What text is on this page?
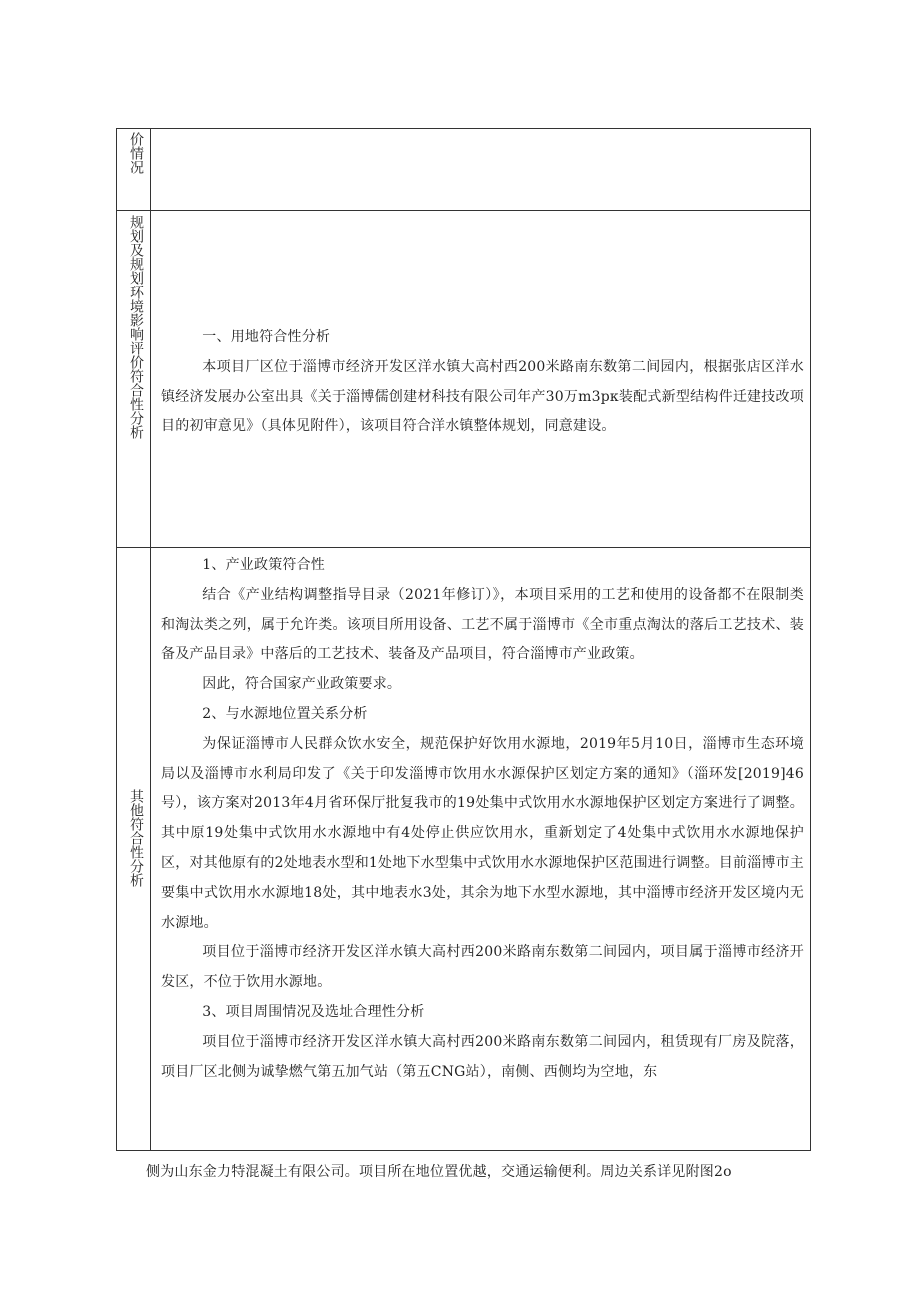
价情况
规划及规划环境影响评价符合性分析	一、用地符合性分析

本项目厂区位于淄博市经济开发区洋水镇大高村西200米路南东数第二间园内，根据张店区洋水镇经济发展办公室出具《关于淄博儒创建材科技有限公司年产30万m3pκ装配式新型结构件迁建技改项目的初审意见》（具体见附件），该项目符合洋水镇整体规划，同意建设。

其他符合性分析

1、产业政策符合性

结合《产业结构调整指导目录（2021年修订）》，本项目采用的工艺和使用的设备都不在限制类和淘汰类之列，属于允许类。该项目所用设备、工艺不属于淄博市《全市重点淘汰的落后工艺技术、装备及产品目录》中落后的工艺技术、装备及产品项目，符合淄博市产业政策。

因此，符合国家产业政策要求。

2、与水源地位置关系分析

为保证淄博市人民群众饮水安全，规范保护好饮用水源地，2019年5月10日，淄博市生态环境局以及淄博市水利局印发了《关于印发淄博市饮用水水源保护区划定方案的通知》（淄环发[2019]46号），该方案对2013年4月省环保厅批复我市的19处集中式饮用水水源地保护区划定方案进行了调整。其中原19处集中式饮用水水源地中有4处停止供应饮用水，重新划定了4处集中式饮用水水源地保护区，对其他原有的2处地表水型和1处地下水型集中式饮用水水源地保护区范围进行调整。目前淄博市主要集中式饮用水水源地18处，其中地表水3处，其余为地下水型水源地，其中淄博市经济开发区境内无水源地。

项目位于淄博市经济开发区洋水镇大高村西200米路南东数第二间园内，项目属于淄博市经济开发区，不位于饮用水源地。

3、项目周围情况及选址合理性分析

项目位于淄博市经济开发区洋水镇大高村西200米路南东数第二间园内，租赁现有厂房及院落，项目厂区北侧为诚挚燃气第五加气站（第五CNG站），南侧、西侧均为空地，东

侧为山东金力特混凝土有限公司。项目所在地位置优越，交通运输便利。周边关系详见附图2o
